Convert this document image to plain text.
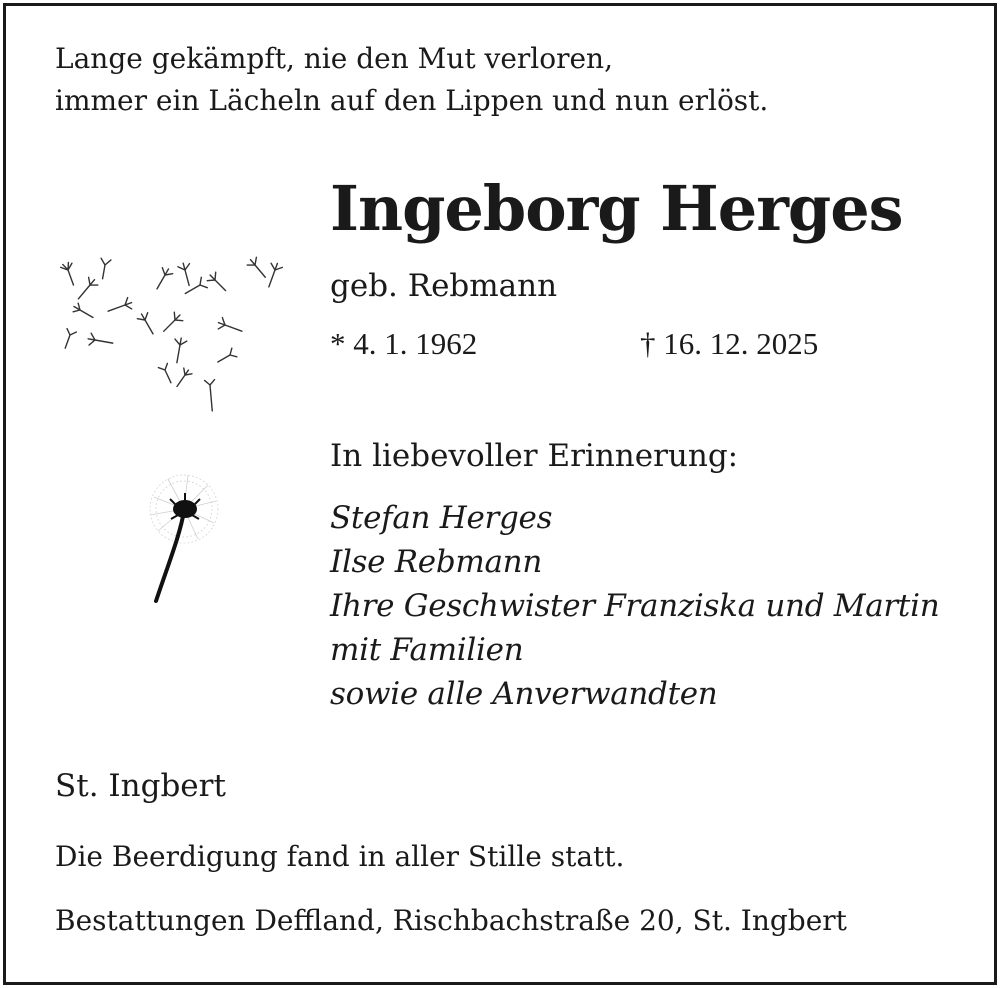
Lange gekämpft, nie den Mut verloren,
immer ein Lächeln auf den Lippen und nun erlöst.
Ingeborg Herges
geb. Rebmann
* 4. 1. 1962	† 16. 12. 2025
In liebevoller Erinnerung:
Stefan Herges
Ilse Rebmann
Ihre Geschwister Franziska und Martin
mit Familien
sowie alle Anverwandten
St. Ingbert
Die Beerdigung fand in aller Stille statt.
Bestattungen Deffland, Rischbachstraße 20, St. Ingbert
